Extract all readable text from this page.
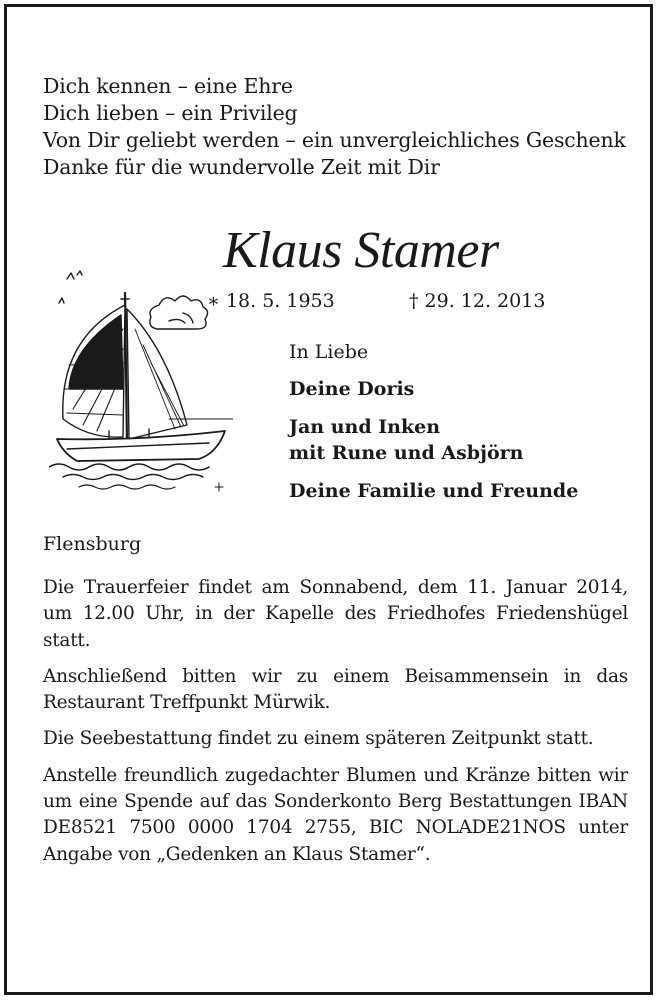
Dich kennen – eine Ehre
Dich lieben – ein Privileg
Von Dir geliebt werden – ein unvergleichliches Geschenk
Danke für die wundervolle Zeit mit Dir
Klaus Stamer
∗ 18. 5. 1953	† 29. 12. 2013
In Liebe
Deine Doris
Jan und Inken
mit Rune und Asbjörn
Deine Familie und Freunde
Flensburg

Die Trauerfeier findet am Sonnabend, dem 11. Januar 2014, um 12.00 Uhr, in der Kapelle des Friedhofes Friedenshügel statt.

Anschließend bitten wir zu einem Beisammensein in das Restaurant Treffpunkt Mürwik.

Die Seebestattung findet zu einem späteren Zeitpunkt statt.

Anstelle freundlich zugedachter Blumen und Kränze bitten wir um eine Spende auf das Sonderkonto Berg Bestattungen IBAN DE8521 7500 0000 1704 2755, BIC NOLADE21NOS unter Angabe von „Gedenken an Klaus Stamer“.
